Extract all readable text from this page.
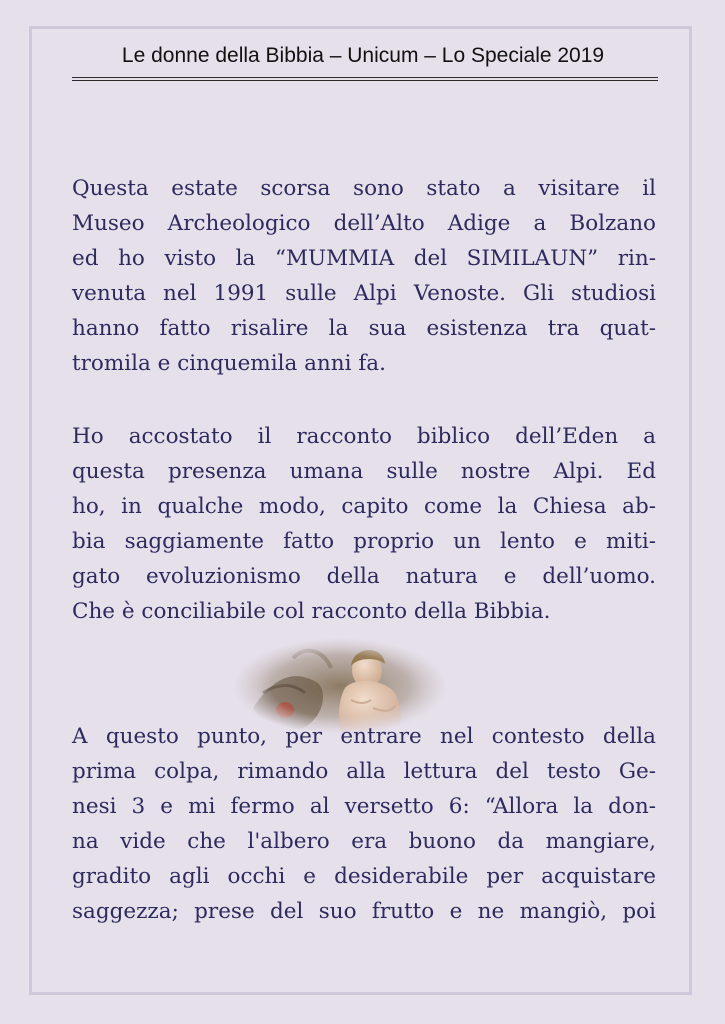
Le donne della Bibbia – Unicum – Lo Speciale 2019
Questa estate scorsa sono stato a visitare il
Museo Archeologico dell’Alto Adige a Bolzano
ed ho visto la “MUMMIA del SIMILAUN” rin-
venuta nel 1991 sulle Alpi Venoste. Gli studiosi
hanno fatto risalire la sua esistenza tra quat-
tromila e cinquemila anni fa.
Ho accostato il racconto biblico dell’Eden a
questa presenza umana sulle nostre Alpi. Ed
ho, in qualche modo, capito come la Chiesa ab-
bia saggiamente fatto proprio un lento e miti-
gato evoluzionismo della natura e dell’uomo.
Che è conciliabile col racconto della Bibbia.
A questo punto, per entrare nel contesto della
prima colpa, rimando alla lettura del testo Ge-
nesi 3 e mi fermo al versetto 6: “Allora la don-
na vide che l'albero era buono da mangiare,
gradito agli occhi e desiderabile per acquistare
saggezza; prese del suo frutto e ne mangiò, poi
